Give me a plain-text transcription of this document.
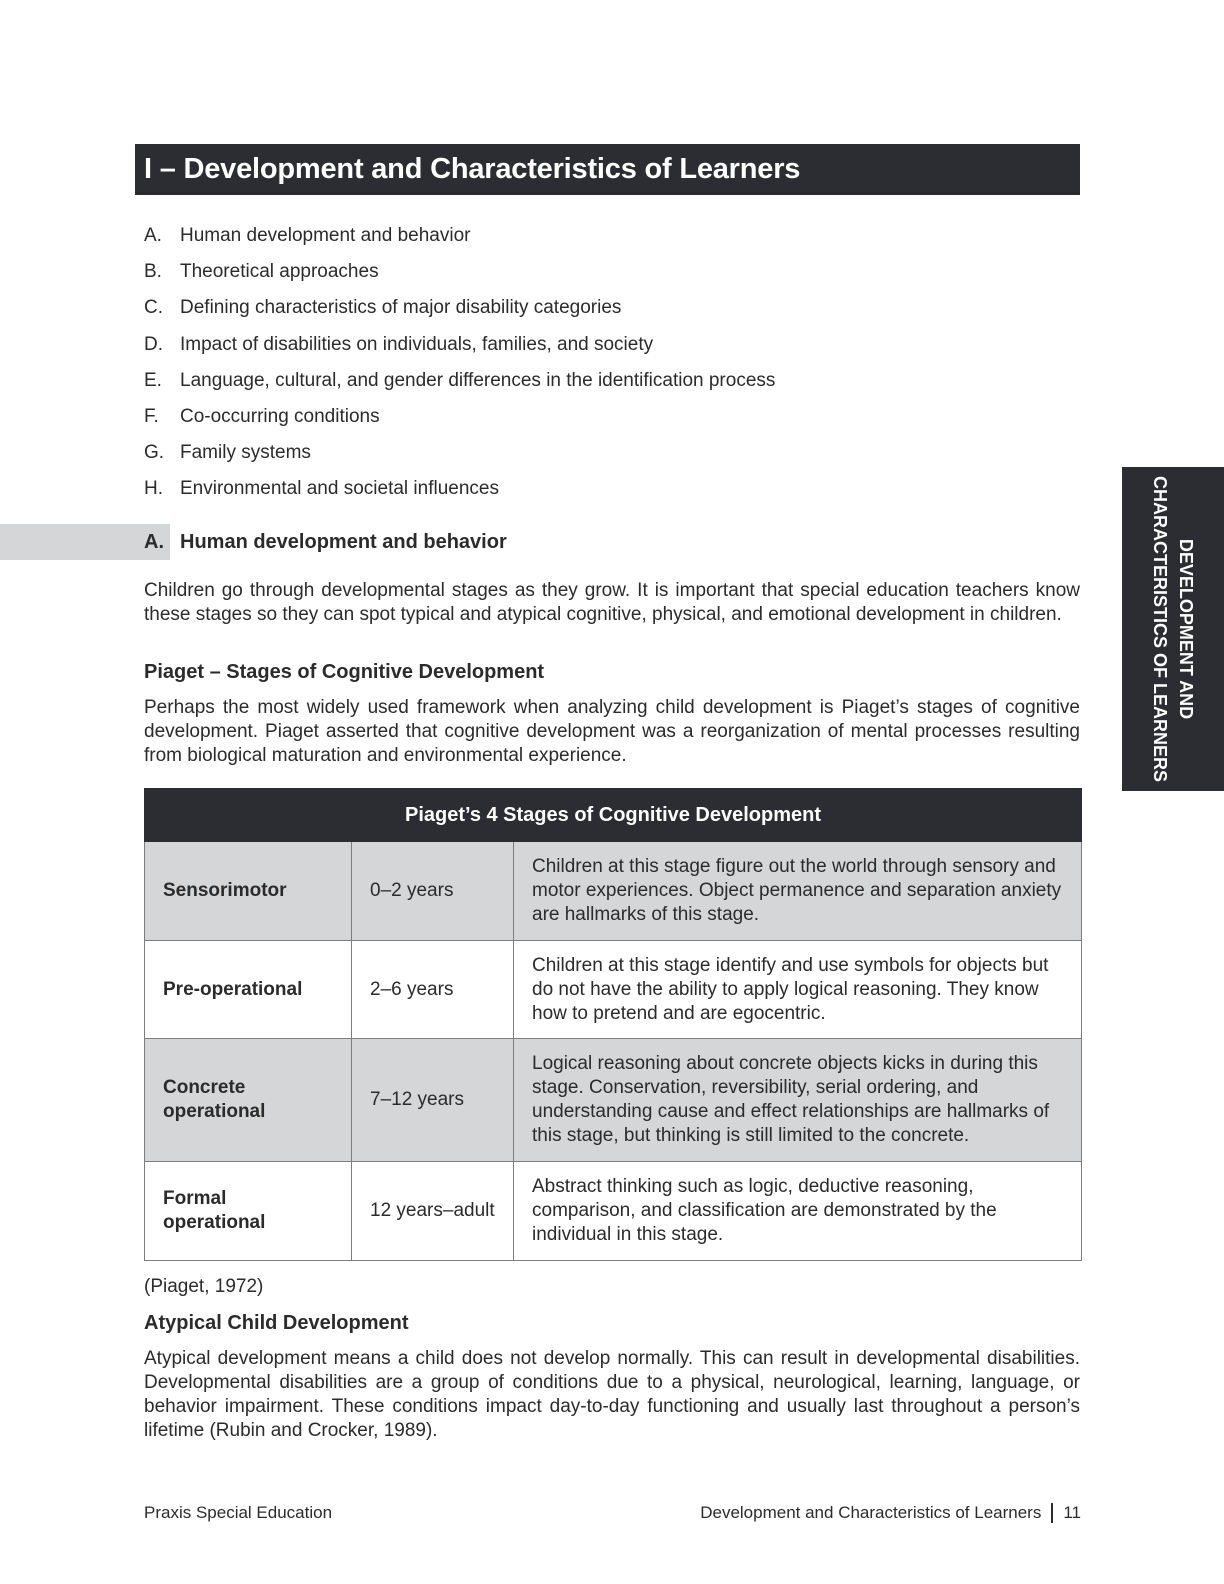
I – Development and Characteristics of Learners
A. Human development and behavior
B. Theoretical approaches
C. Defining characteristics of major disability categories
D. Impact of disabilities on individuals, families, and society
E. Language, cultural, and gender differences in the identification process
F.	Co-occurring conditions
G. Family systems
H. Environmental and societal influences
DEVELOPMENT AND
CHARACTERISTICS OF LEARNERS
A. Human development and behavior

Children go through developmental stages as they grow. It is important that special education teachers know these stages so they can spot typical and atypical cognitive, physical, and emotional development in children.

Piaget – Stages of Cognitive Development

Perhaps the most widely used framework when analyzing child development is Piaget’s stages of cognitive development. Piaget asserted that cognitive development was a reorganization of mental processes resulting from biological maturation and environmental experience.

Piaget’s 4 Stages of Cognitive Development		
Sensorimotor	0–2 years	Children at this stage figure out the world through sensory and motor experiences. Object permanence and separation anxiety are hallmarks of this stage.
Pre-operational	2–6 years	Children at this stage identify and use symbols for objects but do not have the ability to apply logical reasoning. They know how to pretend and are egocentric.
Concrete operational	7–12 years	Logical reasoning about concrete objects kicks in during this stage. Conservation, reversibility, serial ordering, and understanding cause and effect relationships are hallmarks of this stage, but thinking is still limited to the concrete.
Formal operational	12 years–adult	Abstract thinking such as logic, deductive reasoning, comparison, and classification are demonstrated by the individual in this stage.
(Piaget, 1972)
Atypical Child Development

Atypical development means a child does not develop normally. This can result in developmental disabilities. Developmental disabilities are a group of conditions due to a physical, neurological, learning, language, or behavior impairment. These conditions impact day-to-day functioning and usually last throughout a person’s lifetime (Rubin and Crocker, 1989).

Praxis Special Education	Development and Characteristics of Learners 11
